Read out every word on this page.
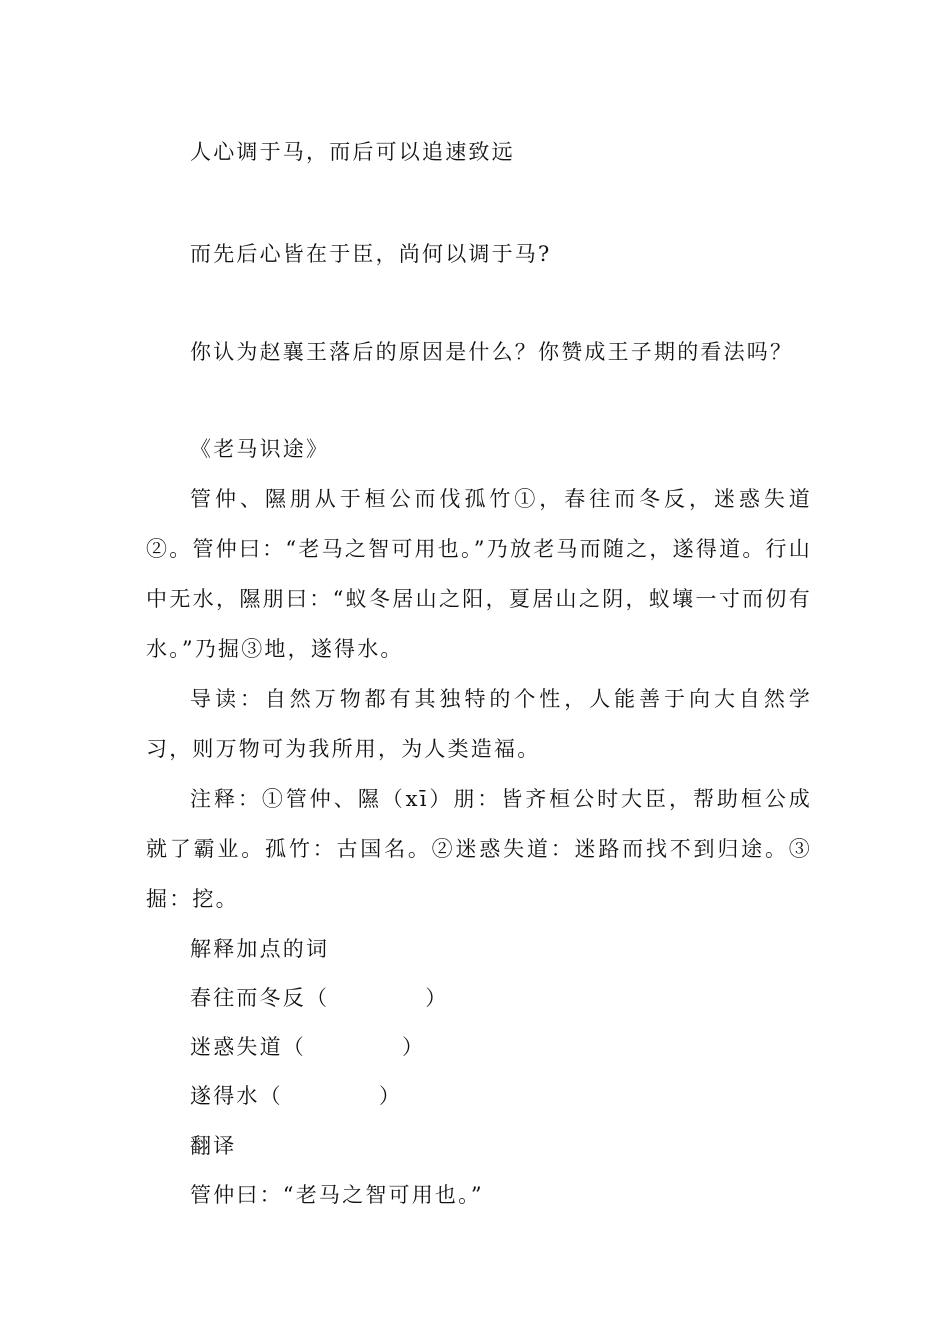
人心调于马，而后可以追速致远
而先后心皆在于臣，尚何以调于马?
你认为赵襄王落后的原因是什么？你赞成王子期的看法吗？
《老马识途》
管仲、隰朋从于桓公而伐孤竹①，春往而冬反，迷惑失道②。管仲曰：“老马之智可用也。”乃放老马而随之，遂得道。行山中无水，隰朋曰：“蚁冬居山之阳，夏居山之阴，蚁壤一寸而仞有水。”乃掘③地，遂得水。
导读：自然万物都有其独特的个性，人能善于向大自然学习，则万物可为我所用，为人类造福。
注释：①管仲、隰（xī）朋：皆齐桓公时大臣，帮助桓公成就了霸业。孤竹：古国名。②迷惑失道：迷路而找不到归途。③掘：挖。
解释加点的词
春往而冬反（	）
迷惑失道（	）
遂得水（	）
翻译
管仲曰：“老马之智可用也。”
